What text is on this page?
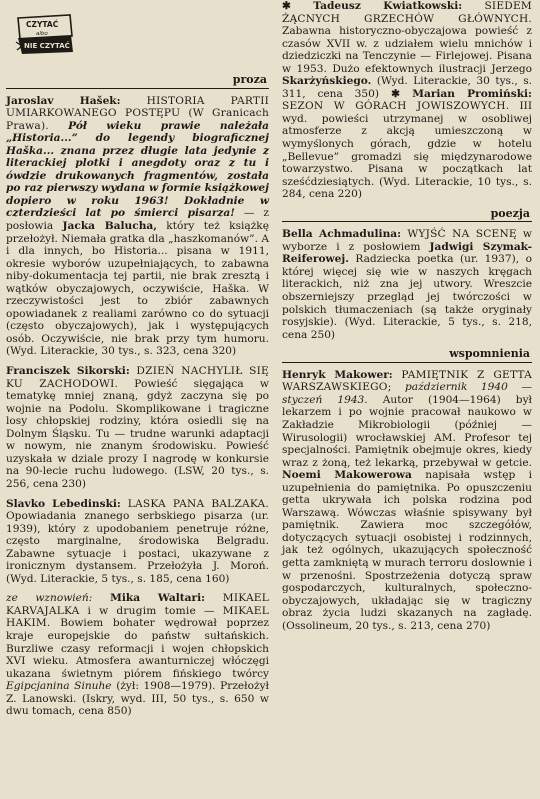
CZYTAĆ
albo
NIE CZYTAĆ
proza
Jaroslav Hašek: HISTORIA PARTII UMIARKOWANEGO POSTĘPU (W Granicach Prawa). Pół wieku prawie należała „Historia...” do legendy biograficznej Haška... znana przez długie lata jedynie z literackiej plotki i anegdoty oraz z tu i ówdzie drukowanych fragmentów, została po raz pierwszy wydana w formie książkowej dopiero w roku 1963! Dokładnie w czterdzieści lat po śmierci pisarza! — z posłowia Jacka Balucha, który też książkę przełożył. Niemała gratka dla „haszkomanów”. A i dla innych, bo Historia... pisana w 1911, okresie wyborów uzupełniających, to zabawna niby-dokumentacja tej partii, nie brak zresztą i wątków obyczajowych, oczywiście, Haška. W rzeczywistości jest to zbiór zabawnych opowiadanek z realiami zarówno co do sytuacji (często obyczajowych), jak i występujących osób. Oczywiście, nie brak przy tym humoru. (Wyd. Literackie, 30 tys., s. 323, cena 320)
Franciszek Sikorski: DZIEŃ NACHYLIŁ SIĘ KU ZACHODOWI. Powieść sięgająca w tematykę mniej znaną, gdyż zaczyna się po wojnie na Podolu. Skomplikowane i tragiczne losy chłopskiej rodziny, która osiedli się na Dolnym Śląsku. Tu — trudne warunki adaptacji w nowym, nie znanym środowisku. Powieść uzyskała w dziale prozy I nagrodę w konkursie na 90-lecie ruchu ludowego. (LSW, 20 tys., s. 256, cena 230)
Slavko Lebedinski: LASKA PANA BALZAKA. Opowiadania znanego serbskiego pisarza (ur. 1939), który z upodobaniem penetruje różne, często marginalne, środowiska Belgradu. Zabawne sytuacje i postaci, ukazywane z ironicznym dystansem. Przełożyła J. Moroń. (Wyd. Literackie, 5 tys., s. 185, cena 160)
ze wznowień: Mika Waltari: MIKAEL KARVAJALKA i w drugim tomie — MIKAEL HAKIM. Bowiem bohater wędrował poprzez kraje europejskie do państw sułtańskich. Burzliwe czasy reformacji i wojen chłopskich XVI wieku. Atmosfera awanturniczej włóczęgi ukazana świetnym piórem fińskiego twórcy Egipcjanina Sinuhe (żył: 1908—1979). Przełożył Z. Lanowski. (Iskry, wyd. III, 50 tys., s. 650 w dwu tomach, cena 850)
✱ Tadeusz Kwiatkowski: SIEDEM ŻĄCNYCH GRZECHÓW GŁÓWNYCH. Zabawna historyczno-obyczajowa powieść z czasów XVII w. z udziałem wielu mnichów i dziedziczki na Tenczynie — Firlejowej. Pisana w 1953. Dużo efektownych ilustracji Jerzego Skarżyńskiego. (Wyd. Literackie, 30 tys., s. 311, cena 350) ✱ Marian Promiński: SEZON W GÓRACH JOWISZOWYCH. III wyd. powieści utrzymanej w osobliwej atmosferze z akcją umieszczoną w wymyślonych górach, gdzie w hotelu „Bellevue” gromadzi się międzynarodowe towarzystwo. Pisana w początkach lat sześćdziesiątych. (Wyd. Literackie, 10 tys., s. 284, cena 220)
poezja
Bella Achmadulina: WYJŚĆ NA SCENĘ w wyborze i z posłowiem Jadwigi Szymak-Reiferowej. Radziecka poetka (ur. 1937), o której więcej się wie w naszych kręgach literackich, niż zna jej utwory. Wreszcie obszerniejszy przegląd jej twórczości w polskich tłumaczeniach (są także oryginały rosyjskie). (Wyd. Literackie, 5 tys., s. 218, cena 250)
wspomnienia
Henryk Makower: PAMIĘTNIK Z GETTA WARSZAWSKIEGO; październik 1940 — styczeń 1943. Autor (1904—1964) był lekarzem i po wojnie pracował naukowo w Zakładzie Mikrobiologii (później — Wirusologii) wrocławskiej AM. Profesor tej specjalności. Pamiętnik obejmuje okres, kiedy wraz z żoną, też lekarką, przebywał w getcie. Noemi Makowerowa napisała wstęp i uzupełnienia do pamiętnika. Po opuszczeniu getta ukrywała ich polska rodzina pod Warszawą. Wówczas właśnie spisywany był pamiętnik. Zawiera moc szczegółów, dotyczących sytuacji osobistej i rodzinnych, jak też ogólnych, ukazujących społeczność getta zamkniętą w murach terroru doslownie i w przenośni. Spostrzeżenia dotyczą spraw gospodarczych, kulturalnych, społeczno-obyczajowych, układając się w tragiczny obraz życia ludzi skazanych na zagładę. (Ossolineum, 20 tys., s. 213, cena 270)
